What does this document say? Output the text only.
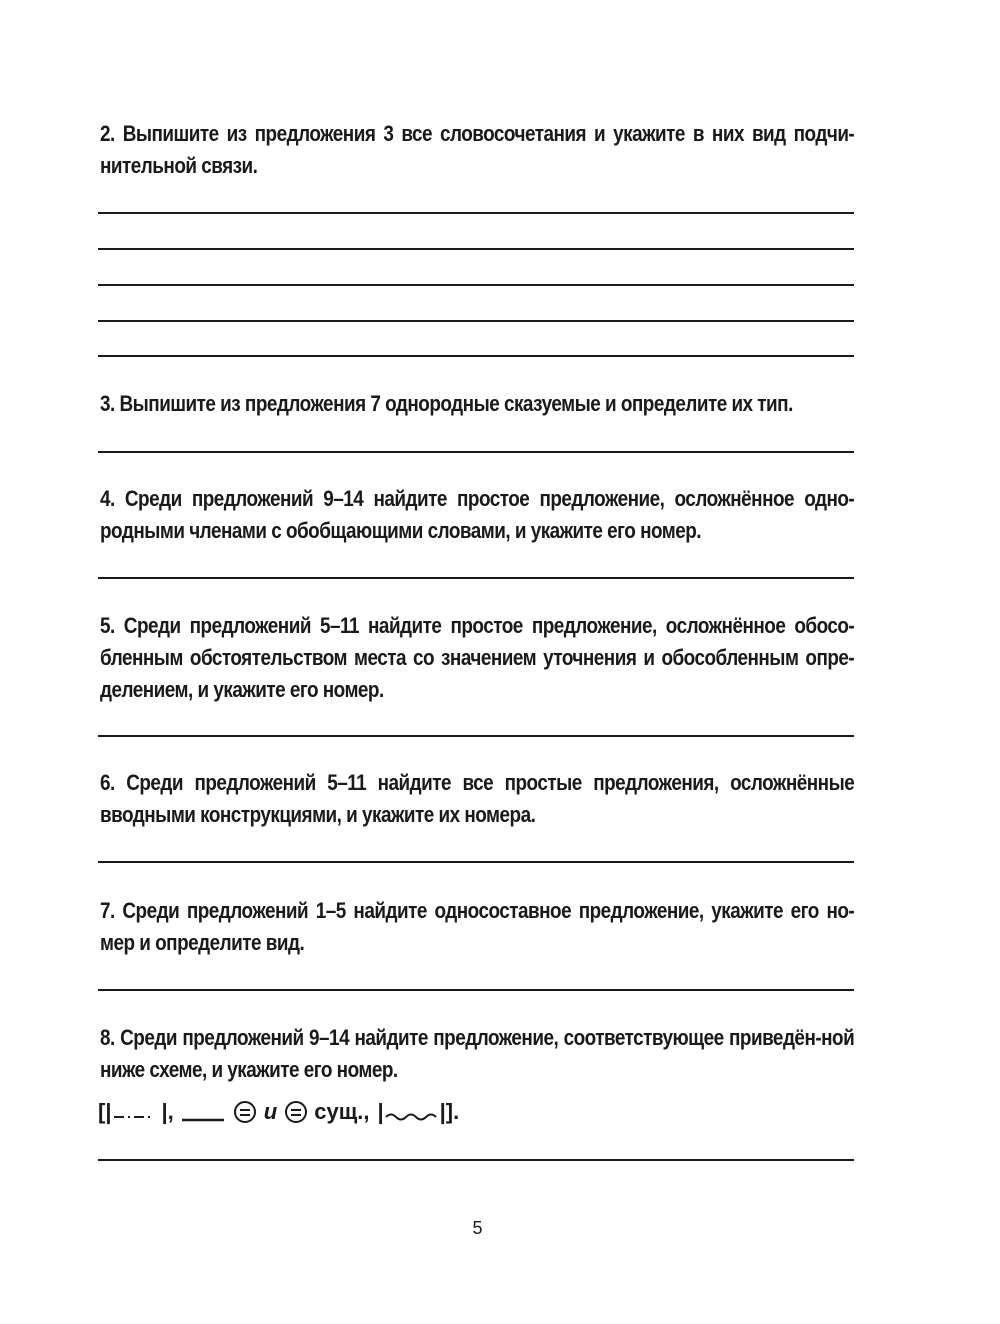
2. Выпишите из предложения 3 все словосочетания и укажите в них вид подчи-нительной связи.
3. Выпишите из предложения 7 однородные сказуемые и определите их тип.
4. Среди предложений 9–14 найдите простое предложение, осложнённое одно-родными членами с обобщающими словами, и укажите его номер.
5. Среди предложений 5–11 найдите простое предложение, осложнённое обосо-бленным обстоятельством места со значением уточнения и обособленным опре-делением, и укажите его номер.
6. Среди предложений 5–11 найдите все простые предложения, осложнённые вводными конструкциями, и укажите их номера.
7. Среди предложений 1–5 найдите односоставное предложение, укажите его но-мер и определите вид.
8. Среди предложений 9–14 найдите предложение, соответствующее приведён-ной ниже схеме, и укажите его номер.
[| |,	и сущ., |	|].
5
